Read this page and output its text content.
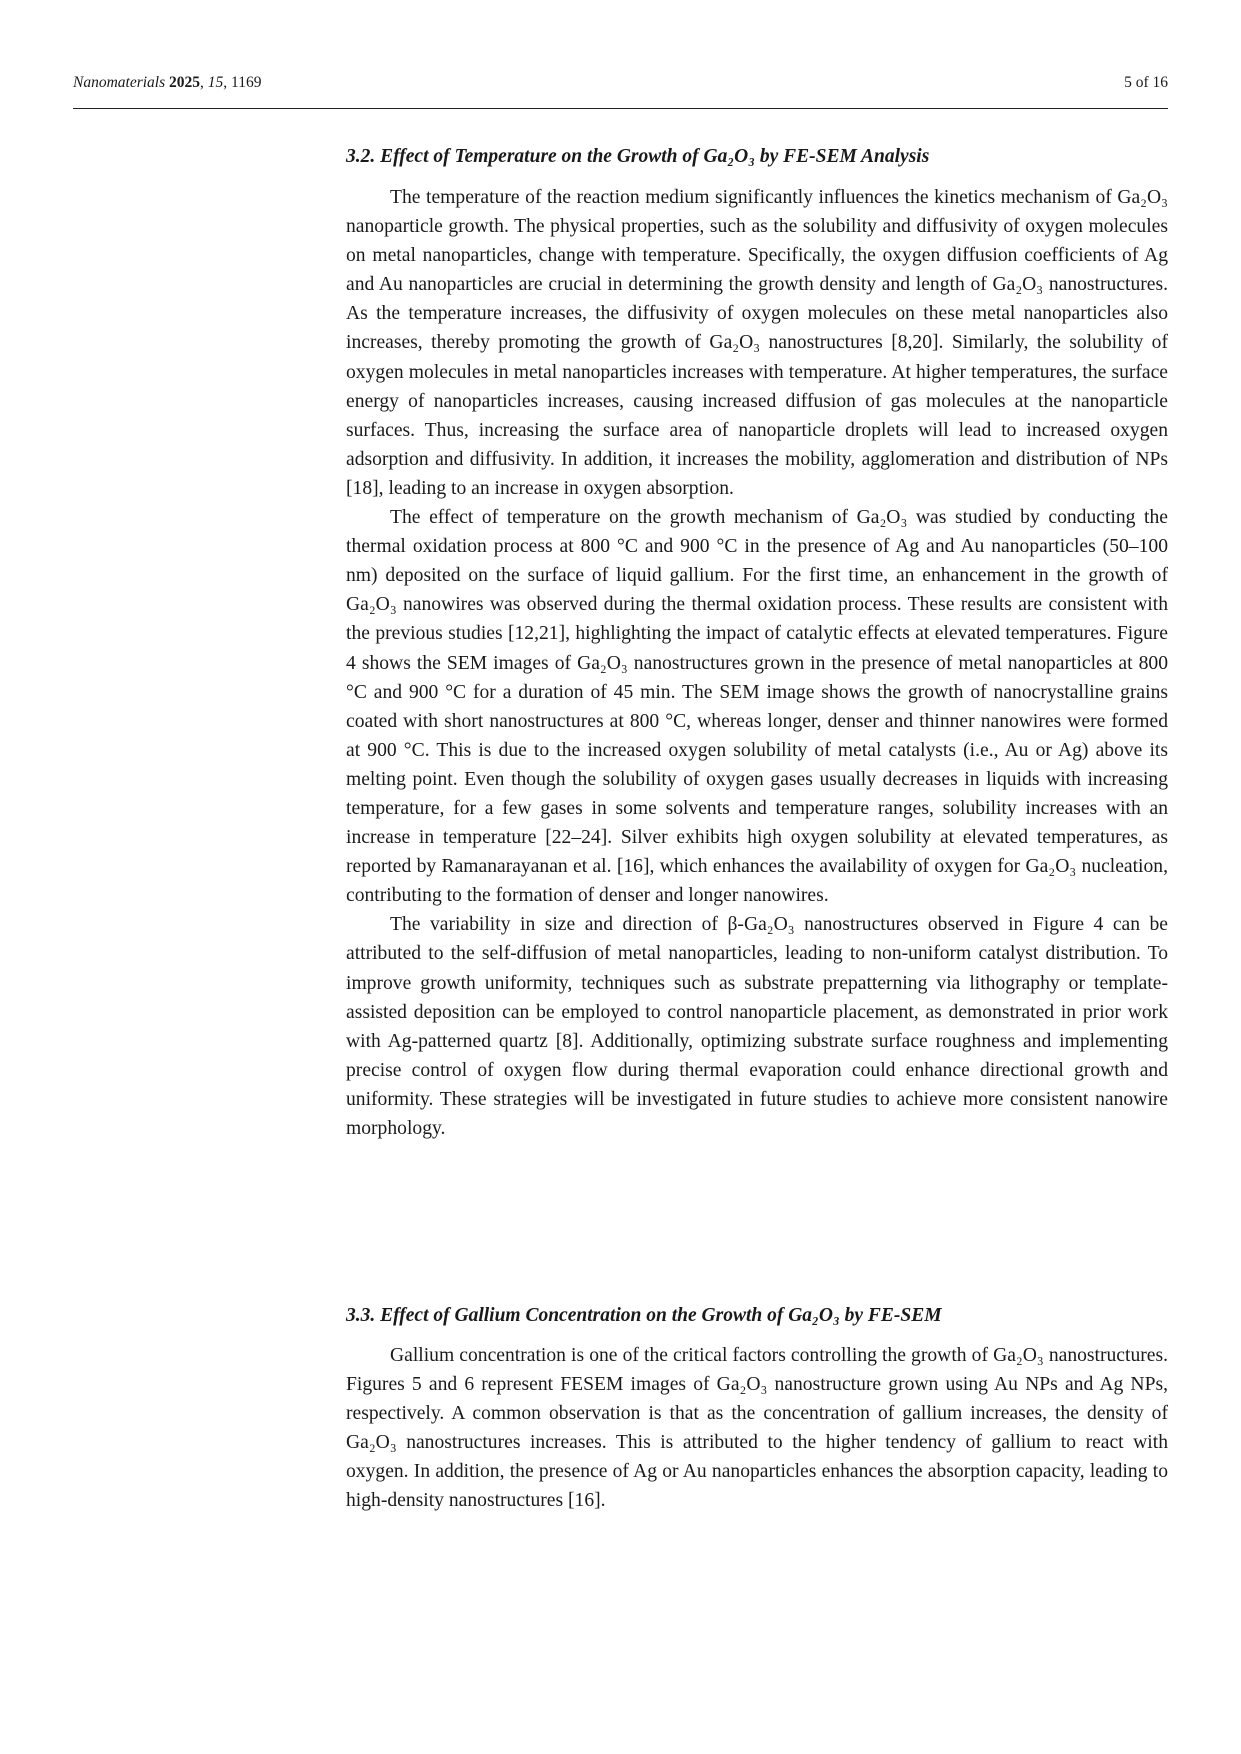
Nanomaterials 2025, 15, 1169	5 of 16
3.2. Effect of Temperature on the Growth of Ga₂O₃ by FE-SEM Analysis

The temperature of the reaction medium significantly influences the kinetics mechanism of Ga₂O₃ nanoparticle growth. The physical properties, such as the solubility and diffusivity of oxygen molecules on metal nanoparticles, change with temperature. Specifically, the oxygen diffusion coefficients of Ag and Au nanoparticles are crucial in determining the growth density and length of Ga₂O₃ nanostructures. As the temperature increases, the diffusivity of oxygen molecules on these metal nanoparticles also increases, thereby promoting the growth of Ga₂O₃ nanostructures [8,20]. Similarly, the solubility of oxygen molecules in metal nanoparticles increases with temperature. At higher temperatures, the surface energy of nanoparticles increases, causing increased diffusion of gas molecules at the nanoparticle surfaces. Thus, increasing the surface area of nanoparticle droplets will lead to increased oxygen adsorption and diffusivity. In addition, it increases the mobility, agglomeration and distribution of NPs [18], leading to an increase in oxygen absorption.

The effect of temperature on the growth mechanism of Ga₂O₃ was studied by conducting the thermal oxidation process at 800 °C and 900 °C in the presence of Ag and Au nanoparticles (50–100 nm) deposited on the surface of liquid gallium. For the first time, an enhancement in the growth of Ga₂O₃ nanowires was observed during the thermal oxidation process. These results are consistent with the previous studies [12,21], highlighting the impact of catalytic effects at elevated temperatures. Figure 4 shows the SEM images of Ga₂O₃ nanostructures grown in the presence of metal nanoparticles at 800 °C and 900 °C for a duration of 45 min. The SEM image shows the growth of nanocrystalline grains coated with short nanostructures at 800 °C, whereas longer, denser and thinner nanowires were formed at 900 °C. This is due to the increased oxygen solubility of metal catalysts (i.e., Au or Ag) above its melting point. Even though the solubility of oxygen gases usually decreases in liquids with increasing temperature, for a few gases in some solvents and temperature ranges, solubility increases with an increase in temperature [22–24]. Silver exhibits high oxygen solubility at elevated temperatures, as reported by Ramanarayanan et al. [16], which enhances the availability of oxygen for Ga₂O₃ nucleation, contributing to the formation of denser and longer nanowires.

The variability in size and direction of β-Ga₂O₃ nanostructures observed in Figure 4 can be attributed to the self-diffusion of metal nanoparticles, leading to non-uniform catalyst distribution. To improve growth uniformity, techniques such as substrate prepatterning via lithography or template-assisted deposition can be employed to control nanoparticle placement, as demonstrated in prior work with Ag-patterned quartz [8]. Additionally, optimizing substrate surface roughness and implementing precise control of oxygen flow during thermal evaporation could enhance directional growth and uniformity. These strategies will be investigated in future studies to achieve more consistent nanowire morphology.

3.3. Effect of Gallium Concentration on the Growth of Ga₂O₃ by FE-SEM

Gallium concentration is one of the critical factors controlling the growth of Ga₂O₃ nanostructures. Figures 5 and 6 represent FESEM images of Ga₂O₃ nanostructure grown using Au NPs and Ag NPs, respectively. A common observation is that as the concentration of gallium increases, the density of Ga₂O₃ nanostructures increases. This is attributed to the higher tendency of gallium to react with oxygen. In addition, the presence of Ag or Au nanoparticles enhances the absorption capacity, leading to high-density nanostructures [16].
